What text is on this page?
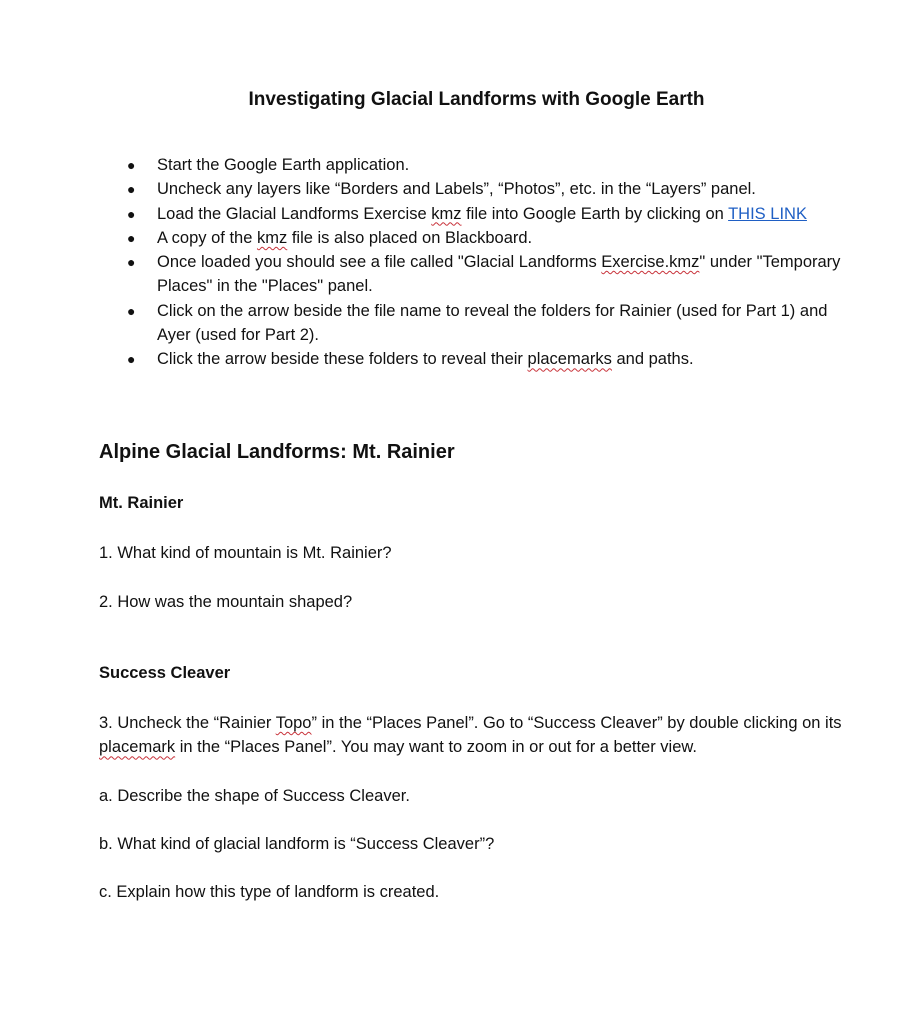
Investigating Glacial Landforms with Google Earth
● Start the Google Earth application.
● Uncheck any layers like “Borders and Labels”, “Photos”, etc. in the “Layers” panel.
● Load the Glacial Landforms Exercise kmz file into Google Earth by clicking on THIS LINK
● A copy of the kmz file is also placed on Blackboard.
● Once loaded you should see a file called "Glacial Landforms Exercise.kmz" under "Temporary Places" in the "Places" panel.
● Click on the arrow beside the file name to reveal the folders for Rainier (used for Part 1) and Ayer (used for Part 2).
● Click the arrow beside these folders to reveal their placemarks and paths.
Alpine Glacial Landforms: Mt. Rainier
Mt. Rainier

1. What kind of mountain is Mt. Rainier?

2. How was the mountain shaped?

Success Cleaver

3. Uncheck the “Rainier Topo” in the “Places Panel”. Go to “Success Cleaver” by double clicking on its placemark in the “Places Panel”. You may want to zoom in or out for a better view.

a. Describe the shape of Success Cleaver.

b. What kind of glacial landform is “Success Cleaver”?

c. Explain how this type of landform is created.
